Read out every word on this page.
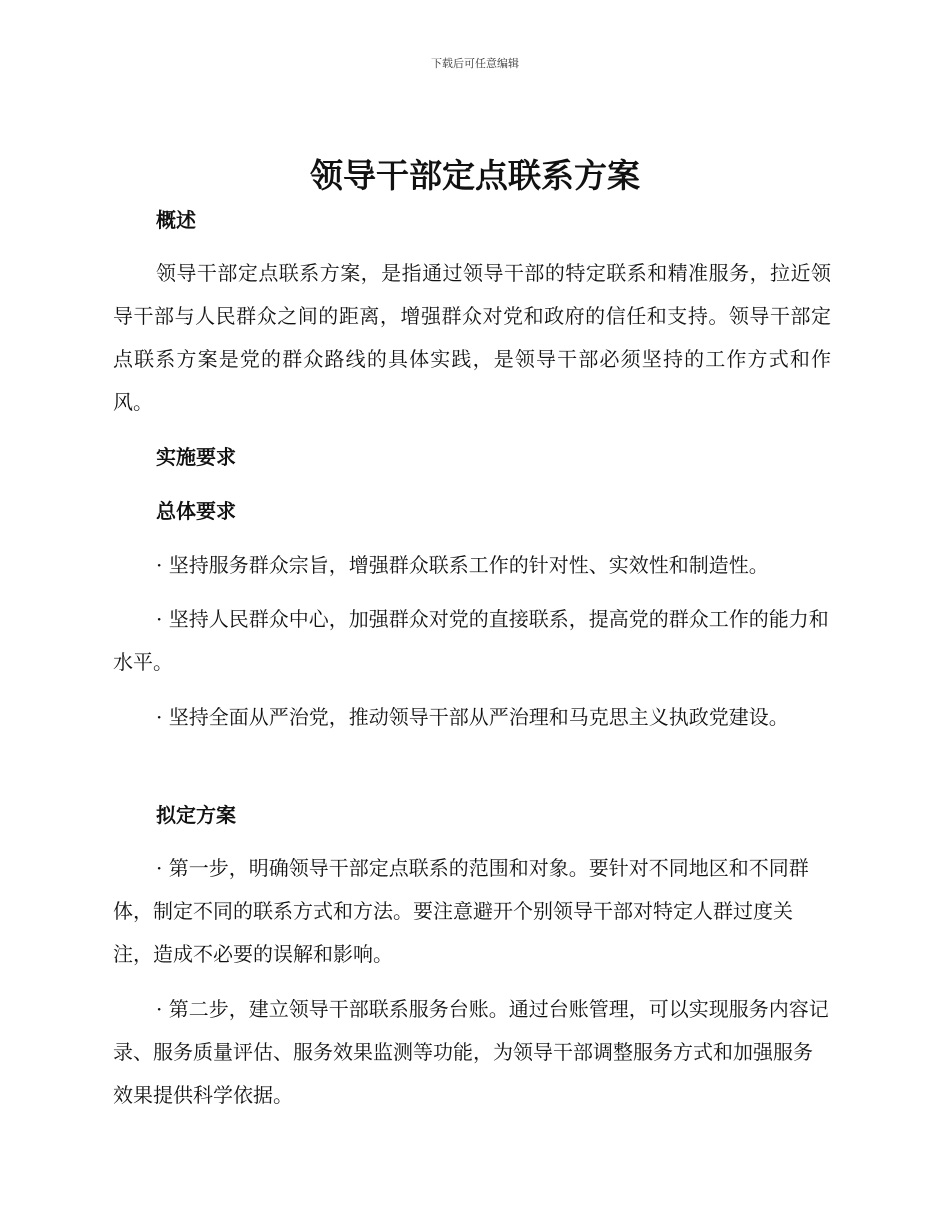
下载后可任意编辑
领导干部定点联系方案
概述
领导干部定点联系方案，是指通过领导干部的特定联系和精准服务，拉近领导干部与人民群众之间的距离，增强群众对党和政府的信任和支持。领导干部定点联系方案是党的群众路线的具体实践，是领导干部必须坚持的工作方式和作风。
实施要求
总体要求
· 坚持服务群众宗旨，增强群众联系工作的针对性、实效性和制造性。
· 坚持人民群众中心，加强群众对党的直接联系，提高党的群众工作的能力和水平。
· 坚持全面从严治党，推动领导干部从严治理和马克思主义执政党建设。
拟定方案
· 第一步，明确领导干部定点联系的范围和对象。要针对不同地区和不同群体，制定不同的联系方式和方法。要注意避开个别领导干部对特定人群过度关注，造成不必要的误解和影响。
· 第二步，建立领导干部联系服务台账。通过台账管理，可以实现服务内容记录、服务质量评估、服务效果监测等功能，为领导干部调整服务方式和加强服务效果提供科学依据。
